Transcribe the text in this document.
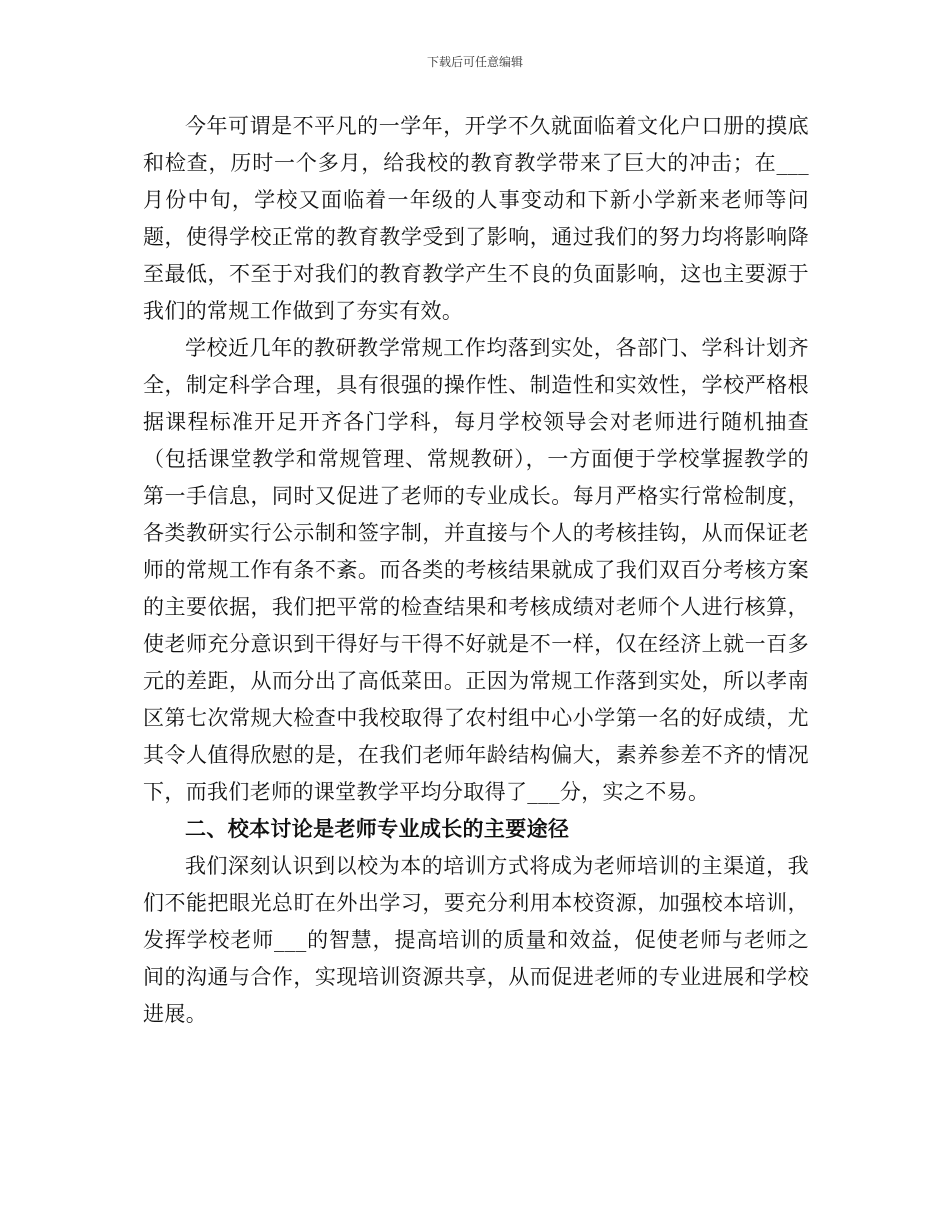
下载后可任意编辑

今年可谓是不平凡的一学年，开学不久就面临着文化户口册的摸底和检查，历时一个多月，给我校的教育教学带来了巨大的冲击；在___月份中旬，学校又面临着一年级的人事变动和下新小学新来老师等问题，使得学校正常的教育教学受到了影响，通过我们的努力均将影响降至最低，不至于对我们的教育教学产生不良的负面影响，这也主要源于我们的常规工作做到了夯实有效。

学校近几年的教研教学常规工作均落到实处，各部门、学科计划齐全，制定科学合理，具有很强的操作性、制造性和实效性，学校严格根据课程标准开足开齐各门学科，每月学校领导会对老师进行随机抽查（包括课堂教学和常规管理、常规教研），一方面便于学校掌握教学的第一手信息，同时又促进了老师的专业成长。每月严格实行常检制度，各类教研实行公示制和签字制，并直接与个人的考核挂钩，从而保证老师的常规工作有条不紊。而各类的考核结果就成了我们双百分考核方案的主要依据，我们把平常的检查结果和考核成绩对老师个人进行核算，使老师充分意识到干得好与干得不好就是不一样，仅在经济上就一百多元的差距，从而分出了高低菜田。正因为常规工作落到实处，所以孝南区第七次常规大检查中我校取得了农村组中心小学第一名的好成绩，尤其令人值得欣慰的是，在我们老师年龄结构偏大，素养参差不齐的情况下，而我们老师的课堂教学平均分取得了___分，实之不易。

二、校本讨论是老师专业成长的主要途径

我们深刻认识到以校为本的培训方式将成为老师培训的主渠道，我们不能把眼光总盯在外出学习，要充分利用本校资源，加强校本培训，发挥学校老师___的智慧，提高培训的质量和效益，促使老师与老师之间的沟通与合作，实现培训资源共享，从而促进老师的专业进展和学校进展。
